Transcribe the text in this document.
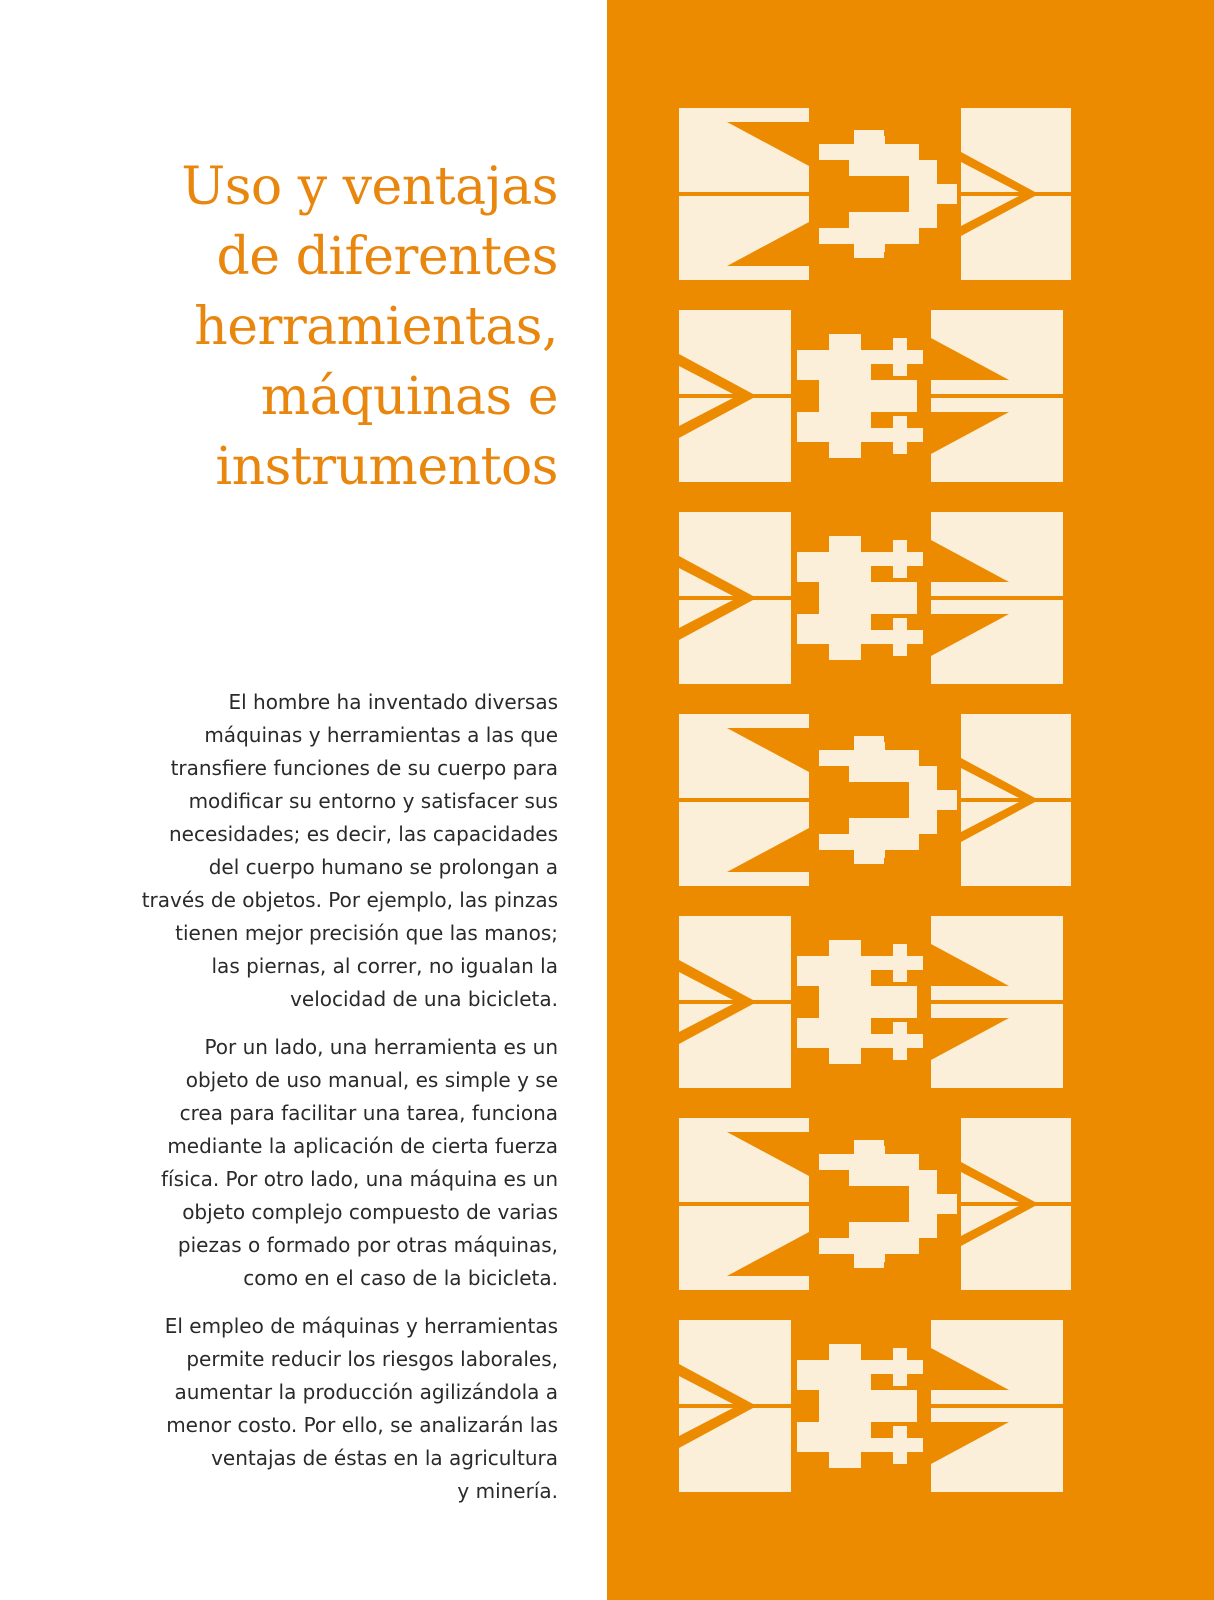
Uso y ventajas
de diferentes
herramientas,
máquinas e
instrumentos

El hombre ha inventado diversas
máquinas y herramientas a las que
transfiere funciones de su cuerpo para
modificar su entorno y satisfacer sus
necesidades; es decir, las capacidades
del cuerpo humano se prolongan a
través de objetos. Por ejemplo, las pinzas
tienen mejor precisión que las manos;
las piernas, al correr, no igualan la
velocidad de una bicicleta.

Por un lado, una herramienta es un
objeto de uso manual, es simple y se
crea para facilitar una tarea, funciona
mediante la aplicación de cierta fuerza
física. Por otro lado, una máquina es un
objeto complejo compuesto de varias
piezas o formado por otras máquinas,
como en el caso de la bicicleta.

El empleo de máquinas y herramientas
permite reducir los riesgos laborales,
aumentar la producción agilizándola a
menor costo. Por ello, se analizarán las
ventajas de éstas en la agricultura
y minería.
